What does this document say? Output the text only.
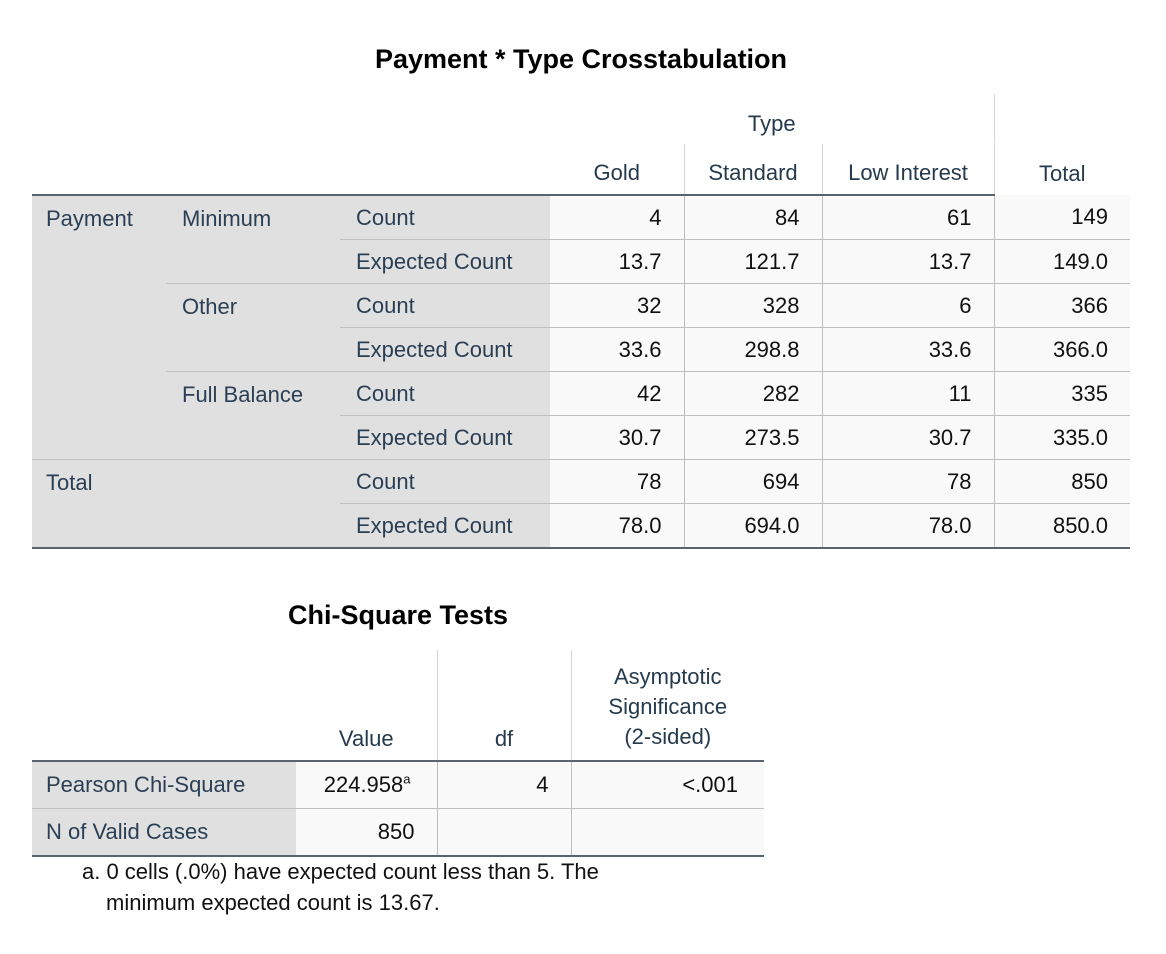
Payment * Type Crosstabulation
			Type			Total
			Gold	Standard	Low Interest	
Payment	Minimum	Count	4	84	61	149
		Expected Count	13.7	121.7	13.7	149.0
	Other	Count	32	328	6	366
		Expected Count	33.6	298.8	33.6	366.0
	Full Balance	Count	42	282	11	335
		Expected Count	30.7	273.5	30.7	335.0
Total		Count	78	694	78	850
		Expected Count	78.0	694.0	78.0	850.0
Chi-Square Tests
	Value	df	Asymptotic
Significance
(2-sided)
Pearson Chi-Square	224.958$^a$	4	<.001
N of Valid Cases	850		
a. 0 cells (.0%) have expected count less than 5. The
minimum expected count is 13.67.
